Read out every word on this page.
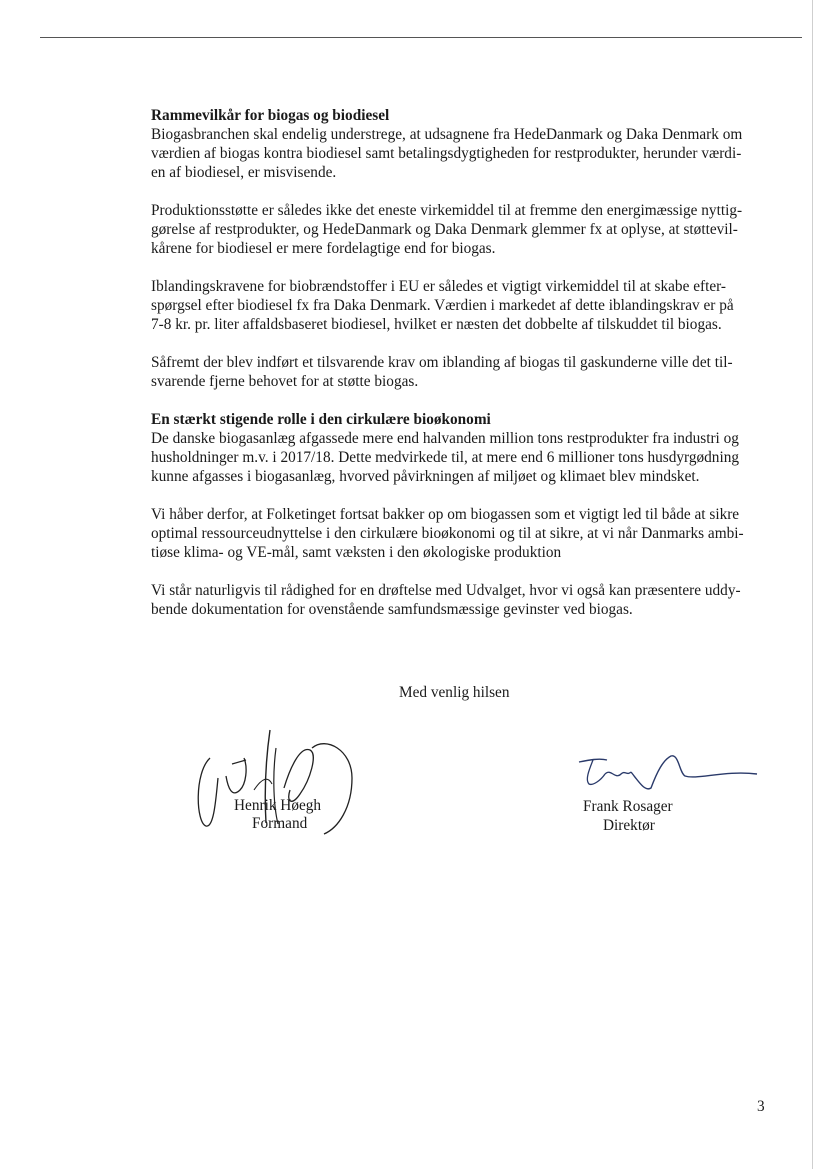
Rammevilkår for biogas og biodiesel

Biogasbranchen skal endelig understrege, at udsagnene fra HedeDanmark og Daka Denmark om
værdien af biogas kontra biodiesel samt betalingsdygtigheden for restprodukter, herunder værdi-
en af biodiesel, er misvisende.

Produktionsstøtte er således ikke det eneste virkemiddel til at fremme den energimæssige nyttig-
gørelse af restprodukter, og HedeDanmark og Daka Denmark glemmer fx at oplyse, at støttevil-
kårene for biodiesel er mere fordelagtige end for biogas.

Iblandingskravene for biobrændstoffer i EU er således et vigtigt virkemiddel til at skabe efter-
spørgsel efter biodiesel fx fra Daka Denmark. Værdien i markedet af dette iblandingskrav er på
7-8 kr. pr. liter affaldsbaseret biodiesel, hvilket er næsten det dobbelte af tilskuddet til biogas.

Såfremt der blev indført et tilsvarende krav om iblanding af biogas til gaskunderne ville det til-
svarende fjerne behovet for at støtte biogas.

En stærkt stigende rolle i den cirkulære bioøkonomi

De danske biogasanlæg afgassede mere end halvanden million tons restprodukter fra industri og
husholdninger m.v. i 2017/18. Dette medvirkede til, at mere end 6 millioner tons husdyrgødning
kunne afgasses i biogasanlæg, hvorved påvirkningen af miljøet og klimaet blev mindsket.

Vi håber derfor, at Folketinget fortsat bakker op om biogassen som et vigtigt led til både at sikre
optimal ressourceudnyttelse i den cirkulære bioøkonomi og til at sikre, at vi når Danmarks ambi-
tiøse klima- og VE-mål, samt væksten i den økologiske produktion

Vi står naturligvis til rådighed for en drøftelse med Udvalget, hvor vi også kan præsentere uddy-
bende dokumentation for ovenstående samfundsmæssige gevinster ved biogas.

Med venlig hilsen
Henrik Høegh
Formand
Frank Rosager
Direktør
3
